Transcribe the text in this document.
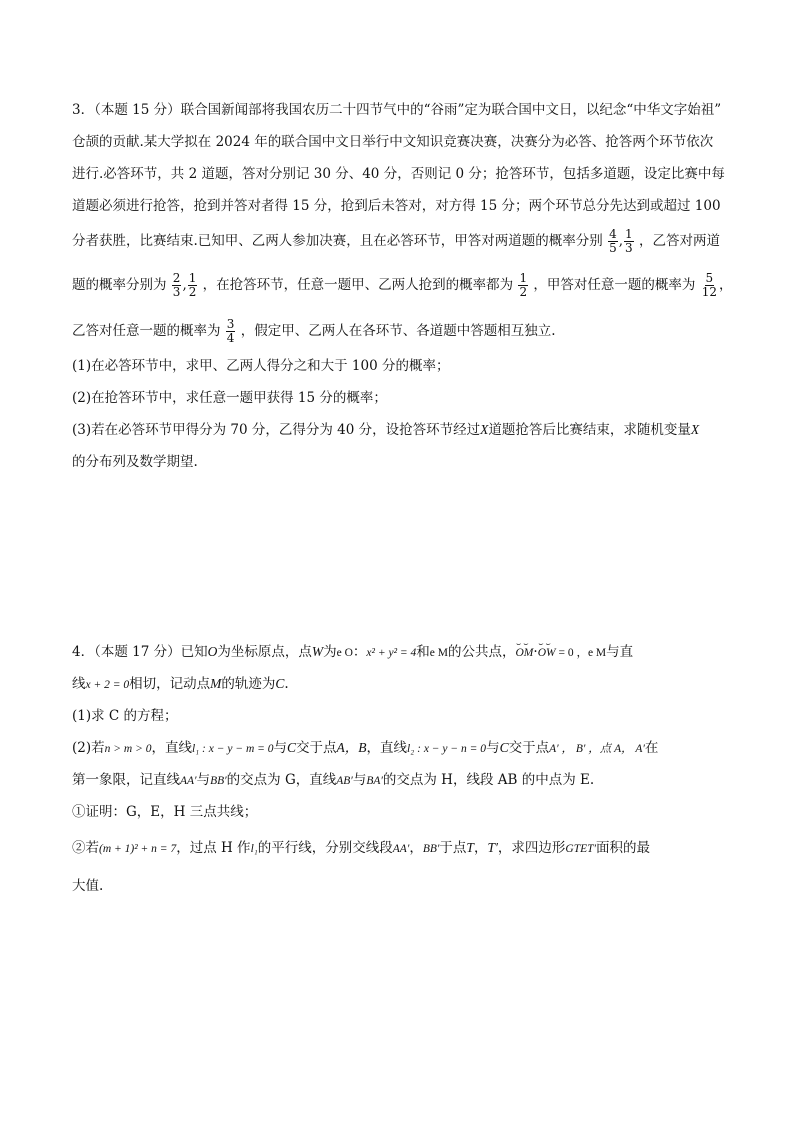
3．（本题 15 分）联合国新闻部将我国农历二十四节气中的“谷雨”定为联合国中文日，以纪念“中华文字始祖”
仓颉的贡献.某大学拟在 2024 年的联合国中文日举行中文知识竞赛决赛，决赛分为必答、抢答两个环节依次
进行.必答环节，共 2 道题，答对分别记 30 分、40 分，否则记 0 分；抢答环节，包括多道题，设定比赛中每
道题必须进行抢答，抢到并答对者得 15 分，抢到后未答对，对方得 15 分；两个环节总分先达到或超过 100
分者获胜，比赛结束.已知甲、乙两人参加决赛，且在必答环节，甲答对两道题的概率分别 $\frac{4}{5}$ , $\frac{1}{3}$ ，乙答对两道
题的概率分别为 $\frac{2}{3}$ , $\frac{1}{2}$ ，在抢答环节，任意一题甲、乙两人抢到的概率都为 $\frac{1}{2}$ ，甲答对任意一题的概率为 $\frac{5}{12}$ ，
乙答对任意一题的概率为 $\frac{3}{4}$ ，假定甲、乙两人在各环节、各道题中答题相互独立.
(1)在必答环节中，求甲、乙两人得分之和大于 100 分的概率；
(2)在抢答环节中，求任意一题甲获得 15 分的概率；
(3)若在必答环节甲得分为 70 分，乙得分为 40 分，设抢答环节经过X道题抢答后比赛结束，求随机变量X
的分布列及数学期望.
4．（本题 17 分）已知O为坐标原点，点W为e O：x² + y² = 4和e M的公共点，⌣⌣ OM·⌣⌣ OW = 0 ，e M与直
线x + 2 = 0相切，记动点M的轨迹为C.
(1)求 C 的方程；
(2)若n > m > 0，直线l₁ : x − y − m = 0与C交于点A，B，直线l₂ : x − y − n = 0与C交于点A′ ， B′ ，点 A， A′在
第一象限，记直线AA′与BB′的交点为 G，直线AB′与BA′的交点为 H，线段 AB 的中点为 E.
①证明：G，E，H 三点共线；
②若(m + 1)² + n = 7，过点 H 作l₁的平行线，分别交线段AA′，BB′于点T，T′，求四边形GTET′面积的最
大值.
